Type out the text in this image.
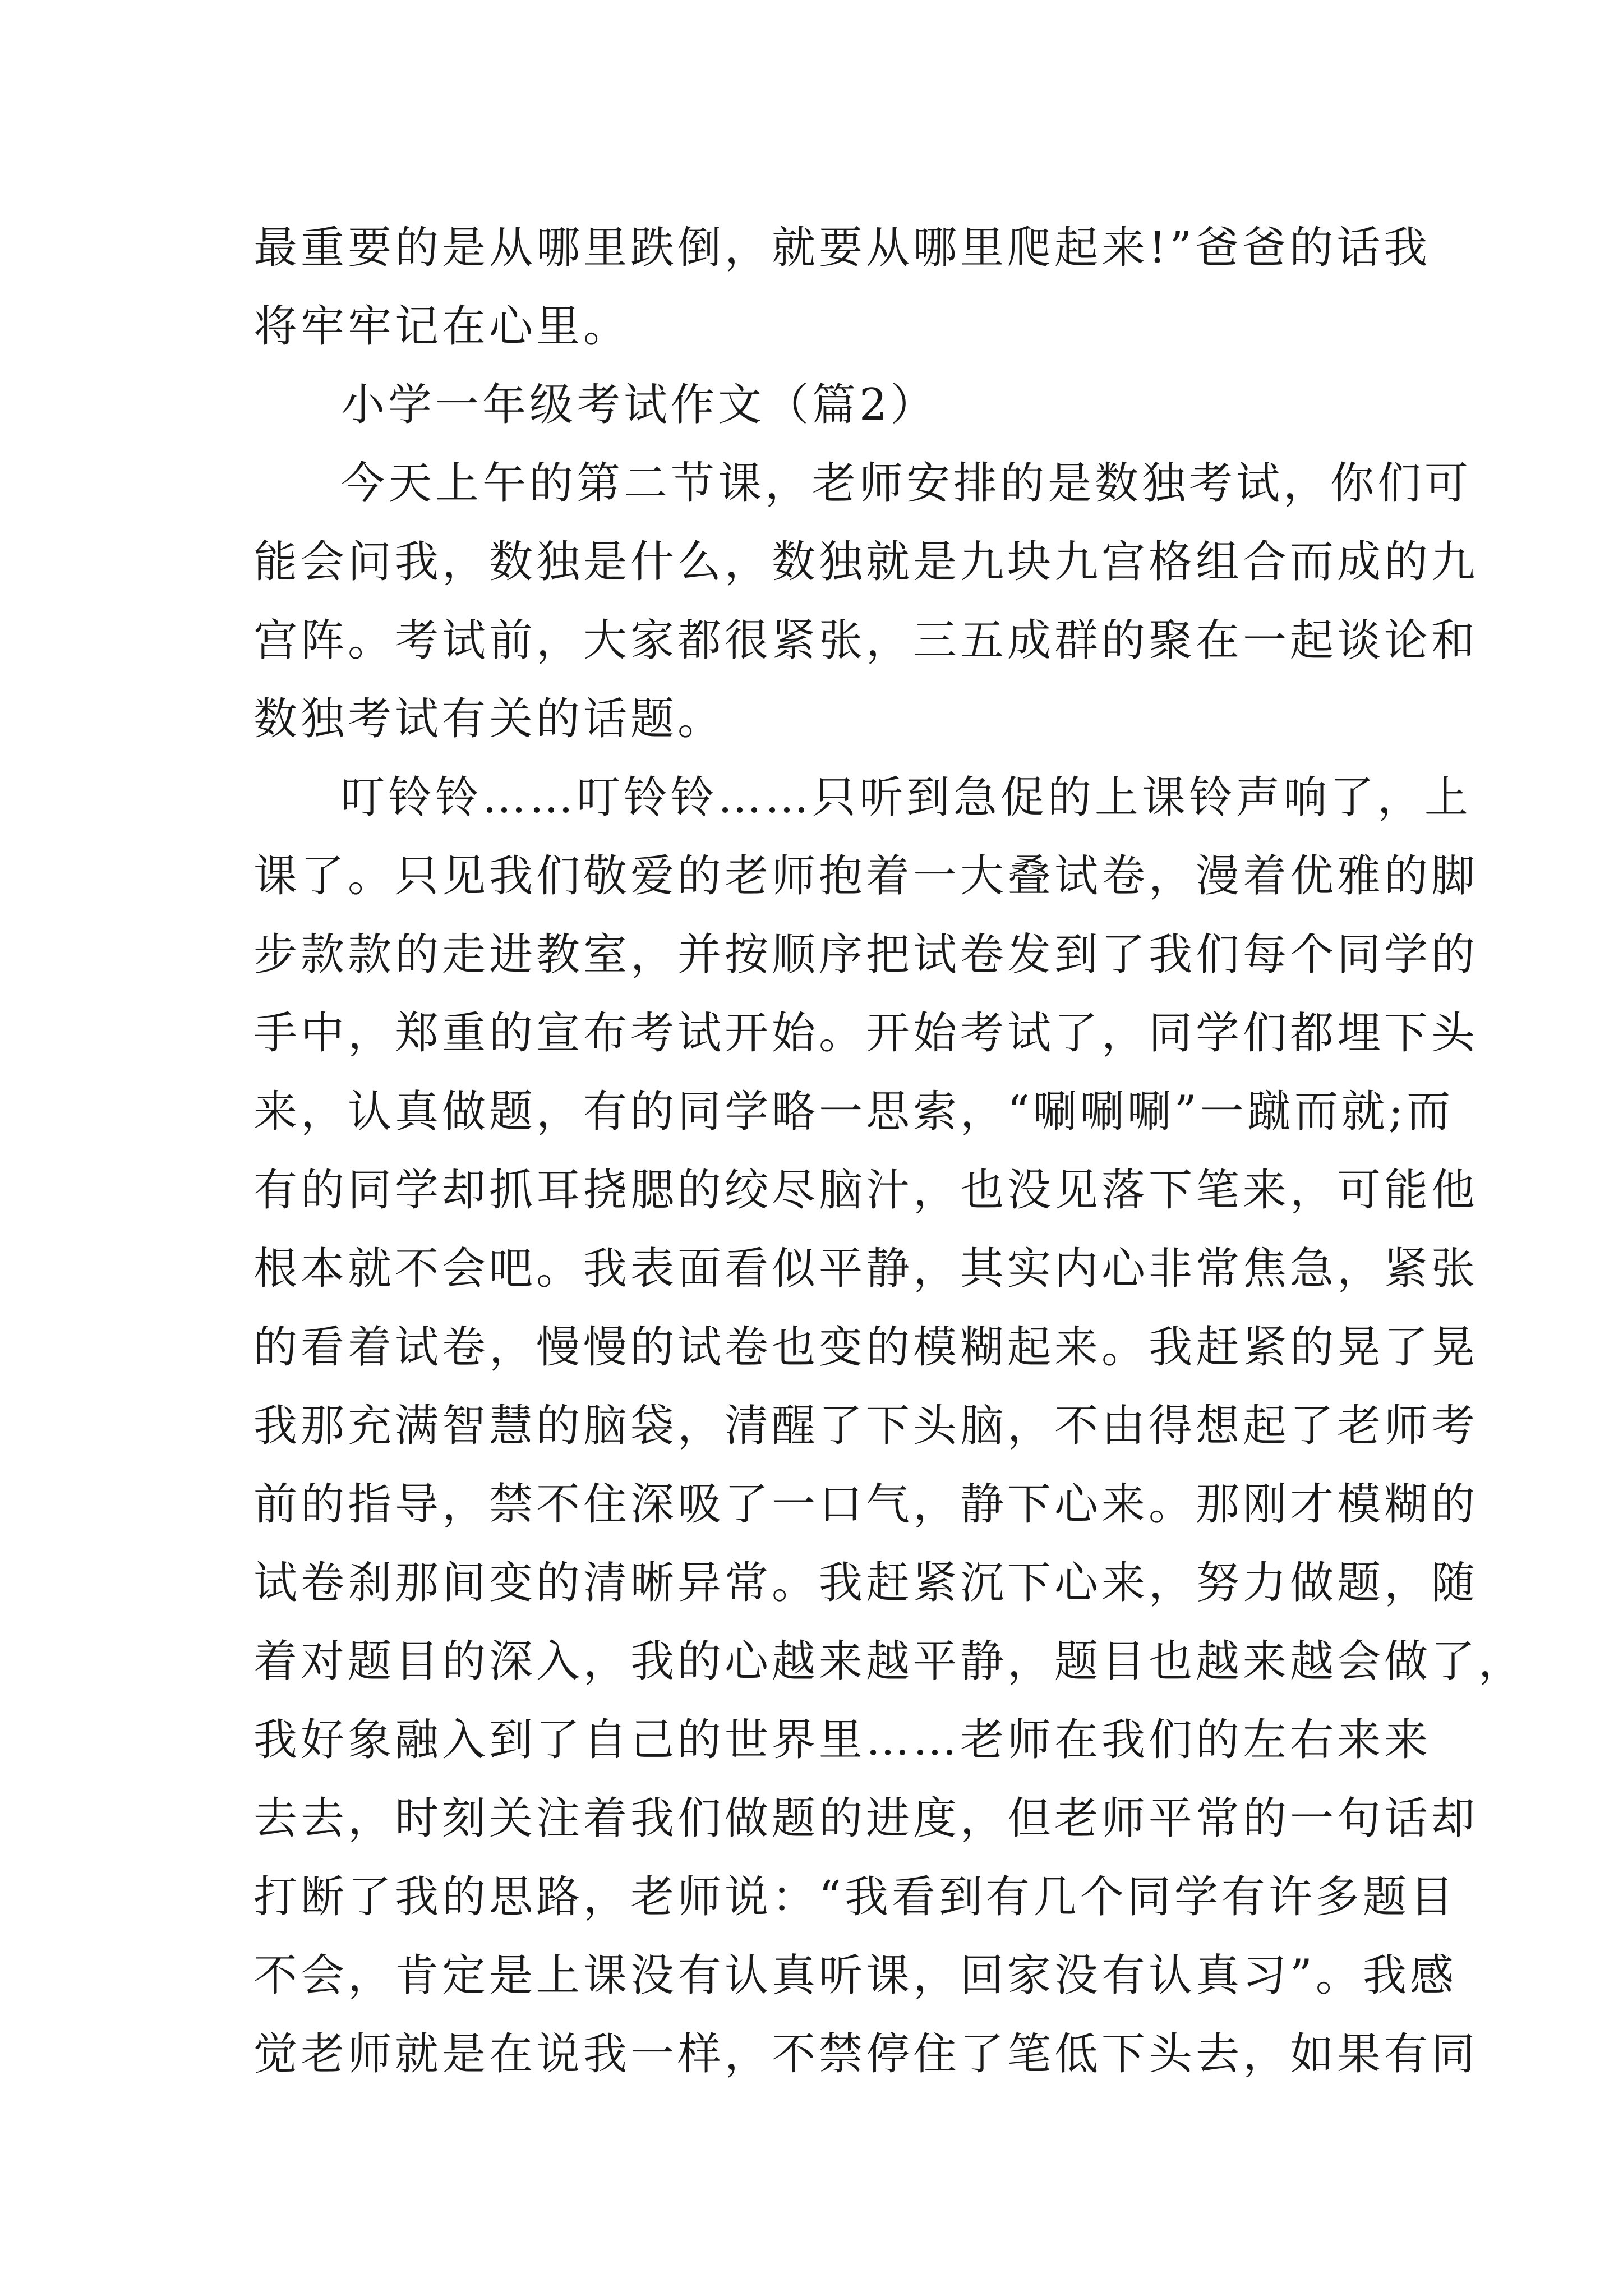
最重要的是从哪里跌倒，就要从哪里爬起来!”爸爸的话我
将牢牢记在心里。
小学一年级考试作文（篇2）
今天上午的第二节课，老师安排的是数独考试，你们可
能会问我，数独是什么，数独就是九块九宫格组合而成的九
宫阵。考试前，大家都很紧张，三五成群的聚在一起谈论和
数独考试有关的话题。
叮铃铃……叮铃铃……只听到急促的上课铃声响了，上
课了。只见我们敬爱的老师抱着一大叠试卷，漫着优雅的脚
步款款的走进教室，并按顺序把试卷发到了我们每个同学的
手中，郑重的宣布考试开始。开始考试了，同学们都埋下头
来，认真做题，有的同学略一思索，“唰唰唰”一蹴而就;而
有的同学却抓耳挠腮的绞尽脑汁，也没见落下笔来，可能他
根本就不会吧。我表面看似平静，其实内心非常焦急，紧张
的看着试卷，慢慢的试卷也变的模糊起来。我赶紧的晃了晃
我那充满智慧的脑袋，清醒了下头脑，不由得想起了老师考
前的指导，禁不住深吸了一口气，静下心来。那刚才模糊的
试卷刹那间变的清晰异常。我赶紧沉下心来，努力做题，随
着对题目的深入，我的心越来越平静，题目也越来越会做了，
我好象融入到了自己的世界里……老师在我们的左右来来
去去，时刻关注着我们做题的进度，但老师平常的一句话却
打断了我的思路，老师说：“我看到有几个同学有许多题目
不会，肯定是上课没有认真听课，回家没有认真习”。我感
觉老师就是在说我一样，不禁停住了笔低下头去，如果有同
